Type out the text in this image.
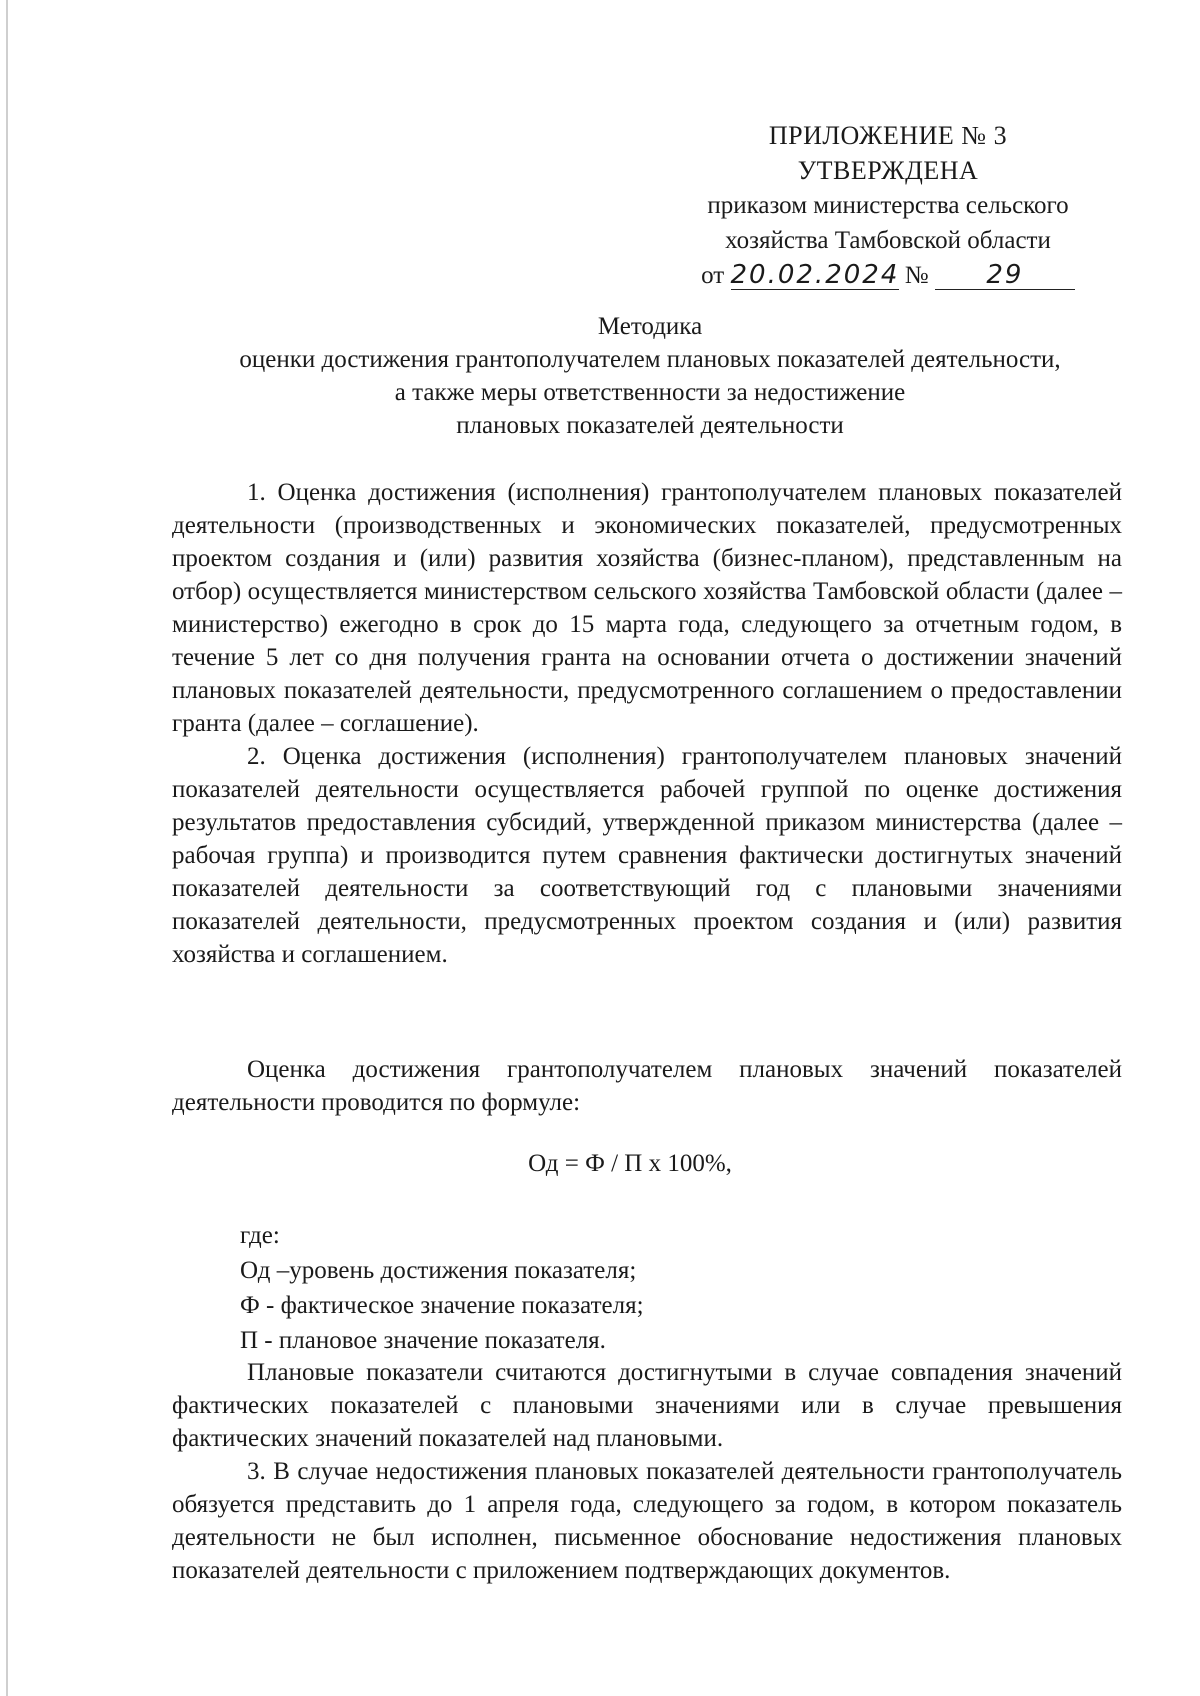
ПРИЛОЖЕНИЕ № 3
УТВЕРЖДЕНА
приказом министерства сельского
хозяйства Тамбовской области
от 20.02.2024 № 29
Методика
оценки достижения грантополучателем плановых показателей деятельности,
а также меры ответственности за недостижение
плановых показателей деятельности

1. Оценка достижения (исполнения) грантополучателем плановых показателей деятельности (производственных и экономических показателей, предусмотренных проектом создания и (или) развития хозяйства (бизнес-планом), представленным на отбор) осуществляется министерством сельского хозяйства Тамбовской области (далее – министерство) ежегодно в срок до 15 марта года, следующего за отчетным годом, в течение 5 лет со дня получения гранта на основании отчета о достижении значений плановых показателей деятельности, предусмотренного соглашением о предоставлении гранта (далее – соглашение).

2. Оценка достижения (исполнения) грантополучателем плановых значений показателей деятельности осуществляется рабочей группой по оценке достижения результатов предоставления субсидий, утвержденной приказом министерства (далее – рабочая группа) и производится путем сравнения фактически достигнутых значений показателей деятельности за соответствующий год с плановыми значениями показателей деятельности, предусмотренных проектом создания и (или) развития хозяйства и соглашением.

Оценка достижения грантополучателем плановых значений показателей деятельности проводится по формуле:

Од = Ф / П х 100%,
где:
Од –уровень достижения показателя;
Ф - фактическое значение показателя;
П - плановое значение показателя.

Плановые показатели считаются достигнутыми в случае совпадения значений фактических показателей с плановыми значениями или в случае превышения фактических значений показателей над плановыми.

3. В случае недостижения плановых показателей деятельности грантополучатель обязуется представить до 1 апреля года, следующего за годом, в котором показатель деятельности не был исполнен, письменное обоснование недостижения плановых показателей деятельности с приложением подтверждающих документов.
